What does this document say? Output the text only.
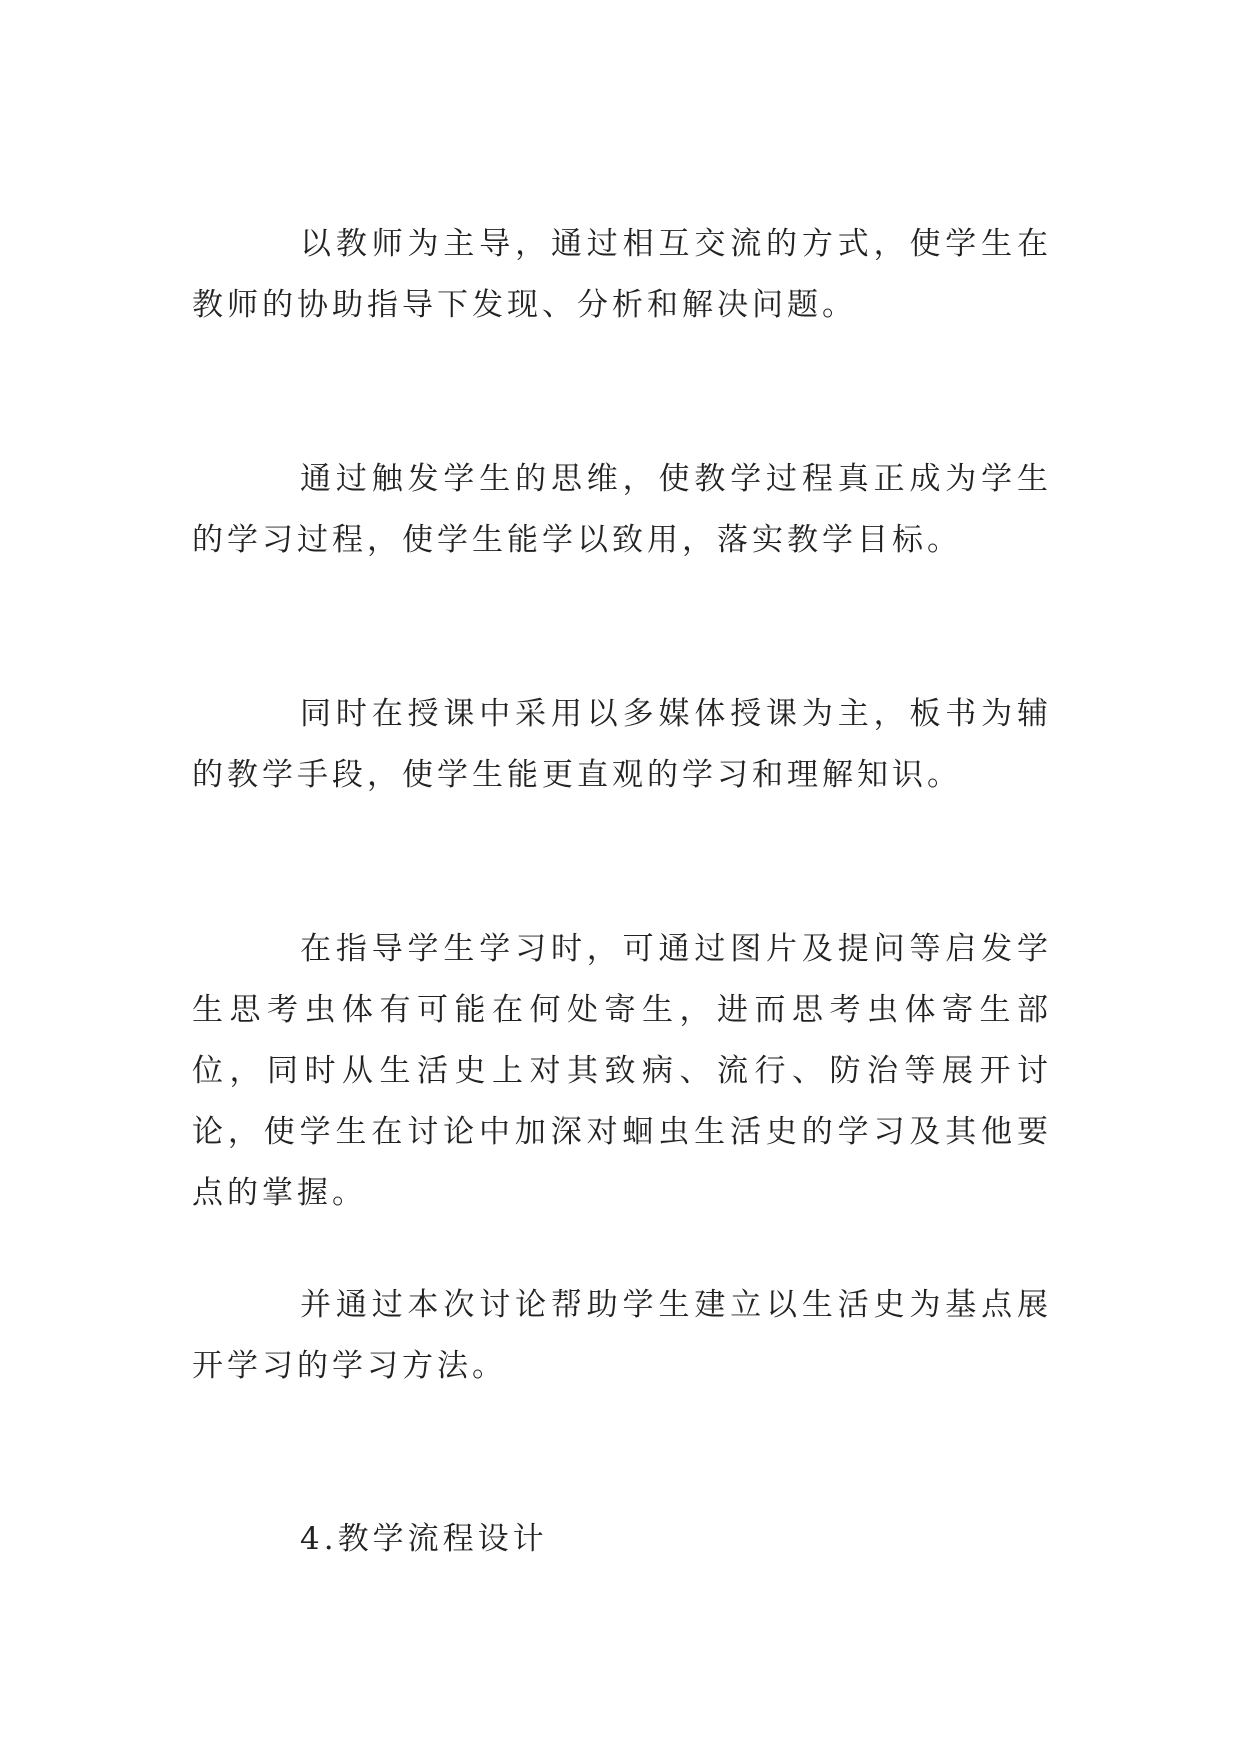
以教师为主导，通过相互交流的方式，使学生在教师的协助指导下发现、分析和解决问题。

通过触发学生的思维，使教学过程真正成为学生的学习过程，使学生能学以致用，落实教学目标。

同时在授课中采用以多媒体授课为主，板书为辅的教学手段，使学生能更直观的学习和理解知识。

在指导学生学习时，可通过图片及提问等启发学生思考虫体有可能在何处寄生，进而思考虫体寄生部位，同时从生活史上对其致病、流行、防治等展开讨论，使学生在讨论中加深对蛔虫生活史的学习及其他要点的掌握。

并通过本次讨论帮助学生建立以生活史为基点展开学习的学习方法。

4.教学流程设计
